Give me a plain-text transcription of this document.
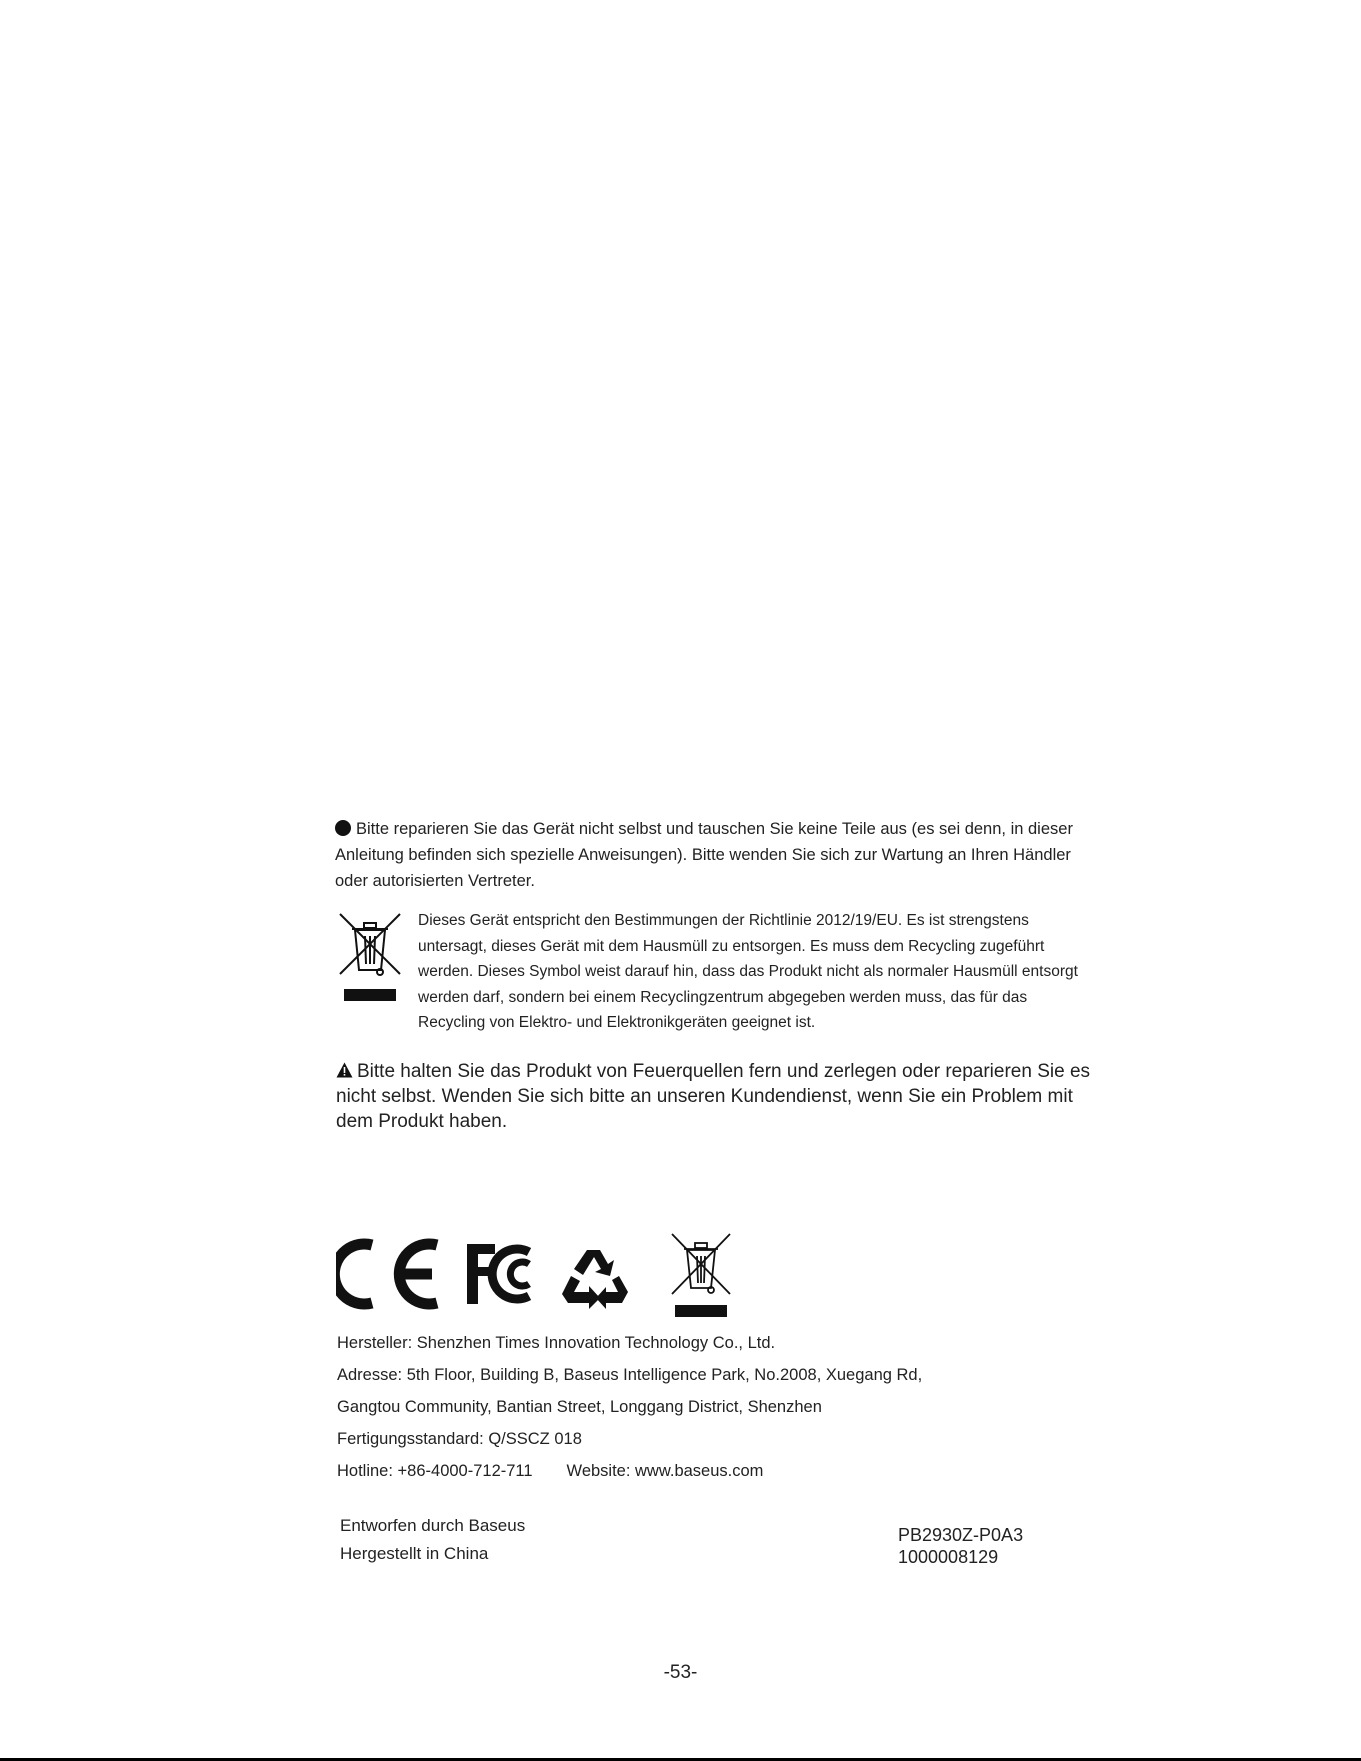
Bitte reparieren Sie das Gerät nicht selbst und tauschen Sie keine Teile aus (es sei denn, in dieser Anleitung befinden sich spezielle Anweisungen). Bitte wenden Sie sich zur Wartung an Ihren Händler oder autorisierten Vertreter.
Dieses Gerät entspricht den Bestimmungen der Richtlinie 2012/19/EU. Es ist strengstens untersagt, dieses Gerät mit dem Hausmüll zu entsorgen. Es muss dem Recycling zugeführt werden. Dieses Symbol weist darauf hin, dass das Produkt nicht als normaler Hausmüll entsorgt werden darf, sondern bei einem Recyclingzentrum abgegeben werden muss, das für das Recycling von Elektro- und Elektronikgeräten geeignet ist.
Bitte halten Sie das Produkt von Feuerquellen fern und zerlegen oder reparieren Sie es nicht selbst. Wenden Sie sich bitte an unseren Kundendienst, wenn Sie ein Problem mit dem Produkt haben.
Hersteller: Shenzhen Times Innovation Technology Co., Ltd.
Adresse: 5th Floor, Building B, Baseus Intelligence Park, No.2008, Xuegang Rd,
Gangtou Community, Bantian Street, Longgang District, Shenzhen
Fertigungsstandard: Q/SSCZ 018
Hotline: +86-4000-712-711 Website: www.baseus.com
Entworfen durch Baseus
Hergestellt in China
PB2930Z-P0A3
1000008129
-53-
